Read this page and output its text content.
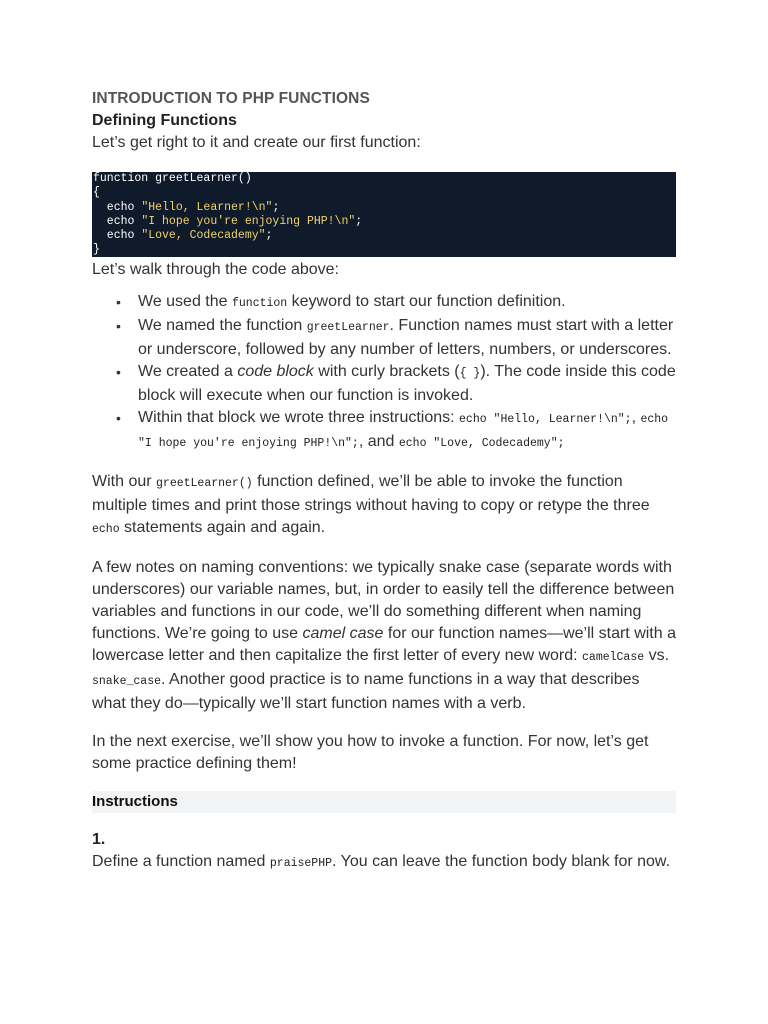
INTRODUCTION TO PHP FUNCTIONS
Defining Functions

Let’s get right to it and create our first function:

function greetLearner()
{
echo "Hello, Learner!\n";
echo "I hope you're enjoying PHP!\n";
echo "Love, Codecademy";
}

Let’s walk through the code above:

• We used the function keyword to start our function definition.
• We named the function greetLearner. Function names must start with a letter or underscore, followed by any number of letters, numbers, or underscores.
• We created a code block with curly brackets ({ }). The code inside this code block will execute when our function is invoked.
• Within that block we wrote three instructions: echo "Hello, Learner!\n";, echo "I hope you're enjoying PHP!\n";, and echo "Love, Codecademy";

With our greetLearner() function defined, we’ll be able to invoke the function multiple times and print those strings without having to copy or retype the three echo statements again and again.

A few notes on naming conventions: we typically snake case (separate words with underscores) our variable names, but, in order to easily tell the difference between variables and functions in our code, we’ll do something different when naming functions. We’re going to use camel case for our function names—we’ll start with a lowercase letter and then capitalize the first letter of every new word: camelCase vs. snake_case. Another good practice is to name functions in a way that describes what they do—typically we’ll start function names with a verb.

In the next exercise, we’ll show you how to invoke a function. For now, let’s get some practice defining them!

Instructions
1.

Define a function named praisePHP. You can leave the function body blank for now.
